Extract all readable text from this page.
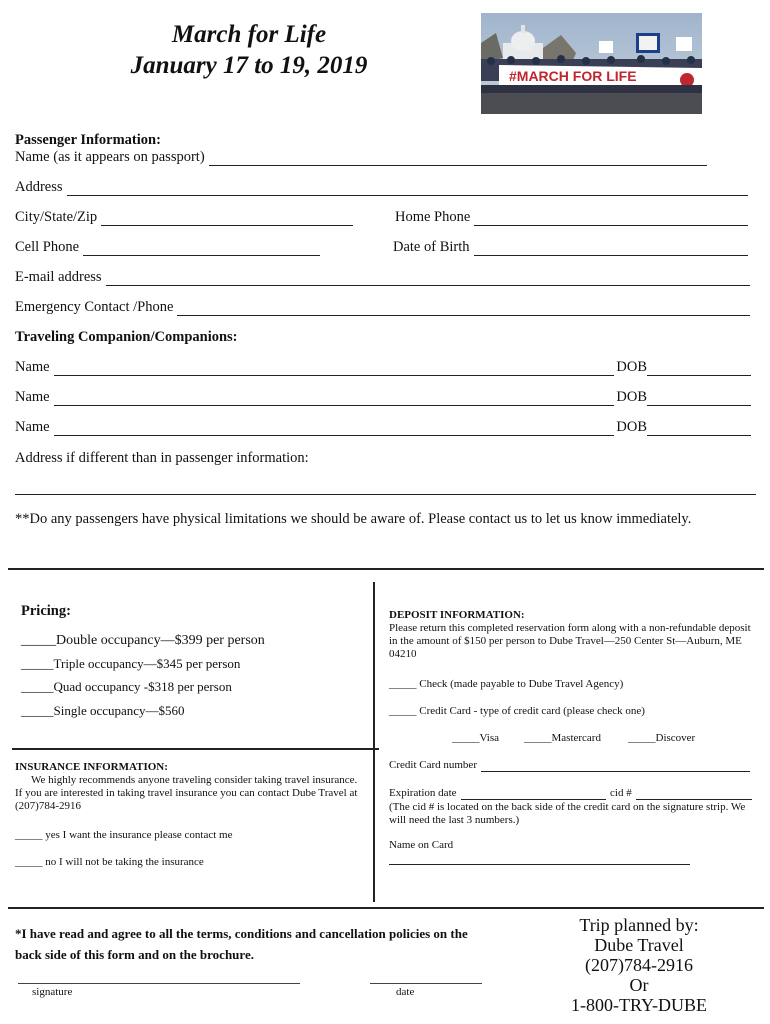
March for Life
January 17 to 19, 2019	#MARCH FOR LIFE
Passenger Information:
Name (as it appears on passport)
Address
City/State/Zip	Home Phone
Cell Phone	Date of Birth
E-mail address
Emergency Contact /Phone
Traveling Companion/Companions:
Name	DOB
Name	DOB
Name	DOB
Address if different than in passenger information:
**Do any passengers have physical limitations we should be aware of. Please contact us to let us know immediately.
Pricing:
_____Double occupancy—$399 per person
_____Triple occupancy—$345 per person
_____Quad occupancy -$318 per person
_____Single occupancy—$560
INSURANCE INFORMATION:
We highly recommends anyone traveling consider taking travel insurance. If you are interested in taking travel insurance you can contact Dube Travel at (207)784-2916
_____ yes I want the insurance please contact me
_____ no I will not be taking the insurance
DEPOSIT INFORMATION:
Please return this completed reservation form along with a non-refundable deposit in the amount of $150 per person to Dube Travel—250 Center St—Auburn, ME 04210
_____ Check (made payable to Dube Travel Agency)
_____ Credit Card - type of credit card (please check one)
_____Visa _____Mastercard _____Discover
Credit Card number
Expiration date	cid #
(The cid # is located on the back side of the credit card on the signature strip. We will need the last 3 numbers.)
Name on Card
*I have read and agree to all the terms, conditions and cancellation policies on the
back side of this form and on the brochure.
signature	date
Trip planned by:
Dube Travel
(207)784-2916
Or
1-800-TRY-DUBE
